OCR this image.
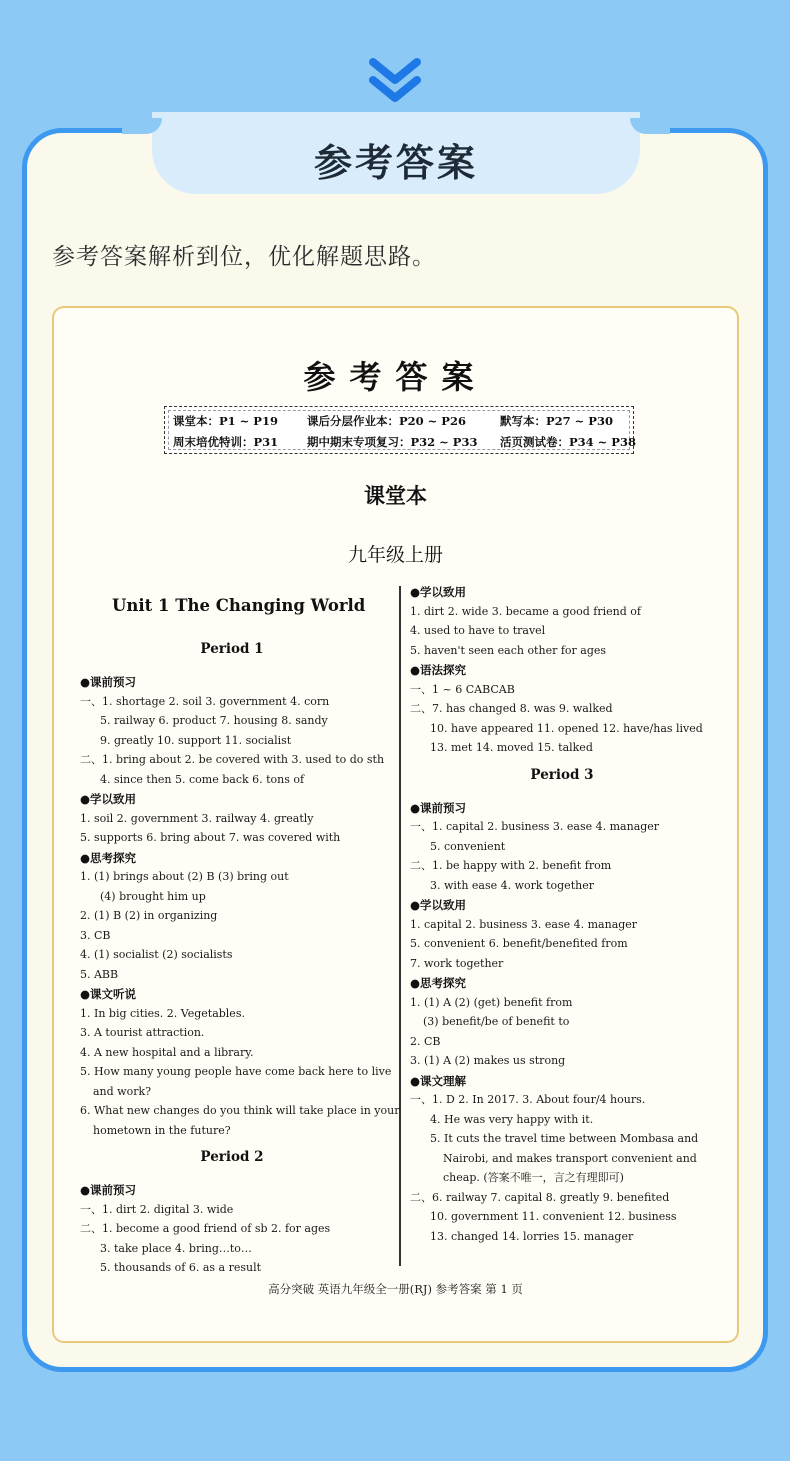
参考答案
参考答案解析到位，优化解题思路。
参考答案
课堂本：P1 ~ P19	课后分层作业本：P20 ~ P26	默写本：P27 ~ P30
周末培优特训：P31	期中期末专项复习：P32 ~ P33 活页测试卷：P34 ~ P38
课堂本
九年级上册
Unit 1 The Changing World
Period 1
●课前预习
一、1. shortage 2. soil 3. government 4. corn
5. railway 6. product 7. housing 8. sandy
9. greatly 10. support 11. socialist
二、1. bring about 2. be covered with 3. used to do sth
4. since then 5. come back 6. tons of
●学以致用
1. soil 2. government 3. railway 4. greatly
5. supports 6. bring about 7. was covered with
●思考探究
1. (1) brings about (2) B (3) bring out
(4) brought him up
2. (1) B (2) in organizing
3. CB
4. (1) socialist (2) socialists
5. ABB
●课文听说
1. In big cities. 2. Vegetables.
3. A tourist attraction.
4. A new hospital and a library.
5. How many young people have come back here to live
and work?
6. What new changes do you think will take place in your
hometown in the future?
Period 2
●课前预习
一、1. dirt 2. digital 3. wide
二、1. become a good friend of sb 2. for ages
3. take place 4. bring…to…
5. thousands of 6. as a result
●学以致用
1. dirt 2. wide 3. became a good friend of
4. used to have to travel
5. haven't seen each other for ages
●语法探究
一、1 ~ 6 CABCAB
二、7. has changed 8. was 9. walked
10. have appeared 11. opened 12. have/has lived
13. met 14. moved 15. talked
Period 3
●课前预习
一、1. capital 2. business 3. ease 4. manager
5. convenient
二、1. be happy with 2. benefit from
3. with ease 4. work together
●学以致用
1. capital 2. business 3. ease 4. manager
5. convenient 6. benefit/benefited from
7. work together
●思考探究
1. (1) A (2) (get) benefit from
(3) benefit/be of benefit to
2. CB
3. (1) A (2) makes us strong
●课文理解
一、1. D 2. In 2017. 3. About four/4 hours.
4. He was very happy with it.
5. It cuts the travel time between Mombasa and
Nairobi, and makes transport convenient and
cheap. (答案不唯一，言之有理即可)
二、6. railway 7. capital 8. greatly 9. benefited
10. government 11. convenient 12. business
13. changed 14. lorries 15. manager
高分突破 英语九年级全一册(RJ) 参考答案 第 1 页
